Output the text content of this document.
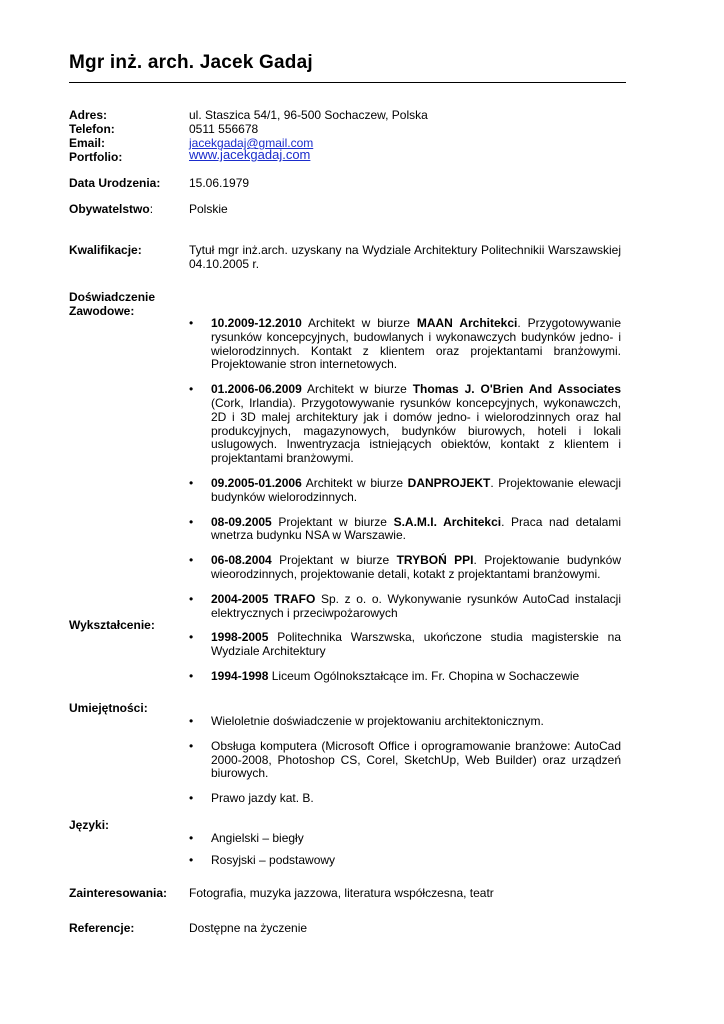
Mgr inż. arch. Jacek Gadaj
Adres:	ul. Staszica 54/1, 96-500 Sochaczew, Polska
Telefon:	0511 556678
Email:	jacekgadaj@gmail.com
Portfolio:	www.jacekgadaj.com
Data Urodzenia: 15.06.1979
Obywatelstwo:	Polskie
Kwalifikacje:	Tytuł mgr inż.arch. uzyskany na Wydziale Architektury Politechnikii Warszawskiej 04.10.2005 r.
Doświadczenie
Zawodowe:
• 10.2009-12.2010 Architekt w biurze MAAN Architekci. Przygotowywanie rysunków koncepcyjnych, budowlanych i wykonawczych budynków jedno- i wielorodzinnych. Kontakt z klientem oraz projektantami branżowymi. Projektowanie stron internetowych.
• 01.2006-06.2009 Architekt w biurze Thomas J. O'Brien And Associates (Cork, Irlandia). Przygotowywanie rysunków koncepcyjnych, wykonawczch, 2D i 3D malej architektury jak i domów jedno- i wielorodzinnych oraz hal produkcyjnych, magazynowych, budynków biurowych, hoteli i lokali uslugowych. Inwentryzacja istniejących obiektów, kontakt z klientem i projektantami branżowymi.
• 09.2005-01.2006 Architekt w biurze DANPROJEKT. Projektowanie elewacji budynków wielorodzinnych.
• 08-09.2005 Projektant w biurze S.A.M.I. Architekci. Praca nad detalami wnetrza budynku NSA w Warszawie.
• 06-08.2004 Projektant w biurze TRYBOŃ PPI. Projektowanie budynków wieorodzinnych, projektowanie detali, kotakt z projektantami branżowymi.
• 2004-2005 TRAFO Sp. z o. o. Wykonywanie rysunków AutoCad instalacji elektrycznych i przeciwpożarowych
Wykształcenie:
• 1998-2005 Politechnika Warszwska, ukończone studia magisterskie na Wydziale Architektury
• 1994-1998 Liceum Ogólnokształcące im. Fr. Chopina w Sochaczewie
Umiejętności:
• Wieloletnie doświadczenie w projektowaniu architektonicznym.
• Obsługa komputera (Microsoft Office i oprogramowanie branżowe: AutoCad 2000-2008, Photoshop CS, Corel, SketchUp, Web Builder) oraz urządzeń biurowych.
• Prawo jazdy kat. B.
Języki:
• Angielski – biegły
• Rosyjski – podstawowy
Zainteresowania: Fotografia, muzyka jazzowa, literatura współczesna, teatr
Referencje:	Dostępne na życzenie
